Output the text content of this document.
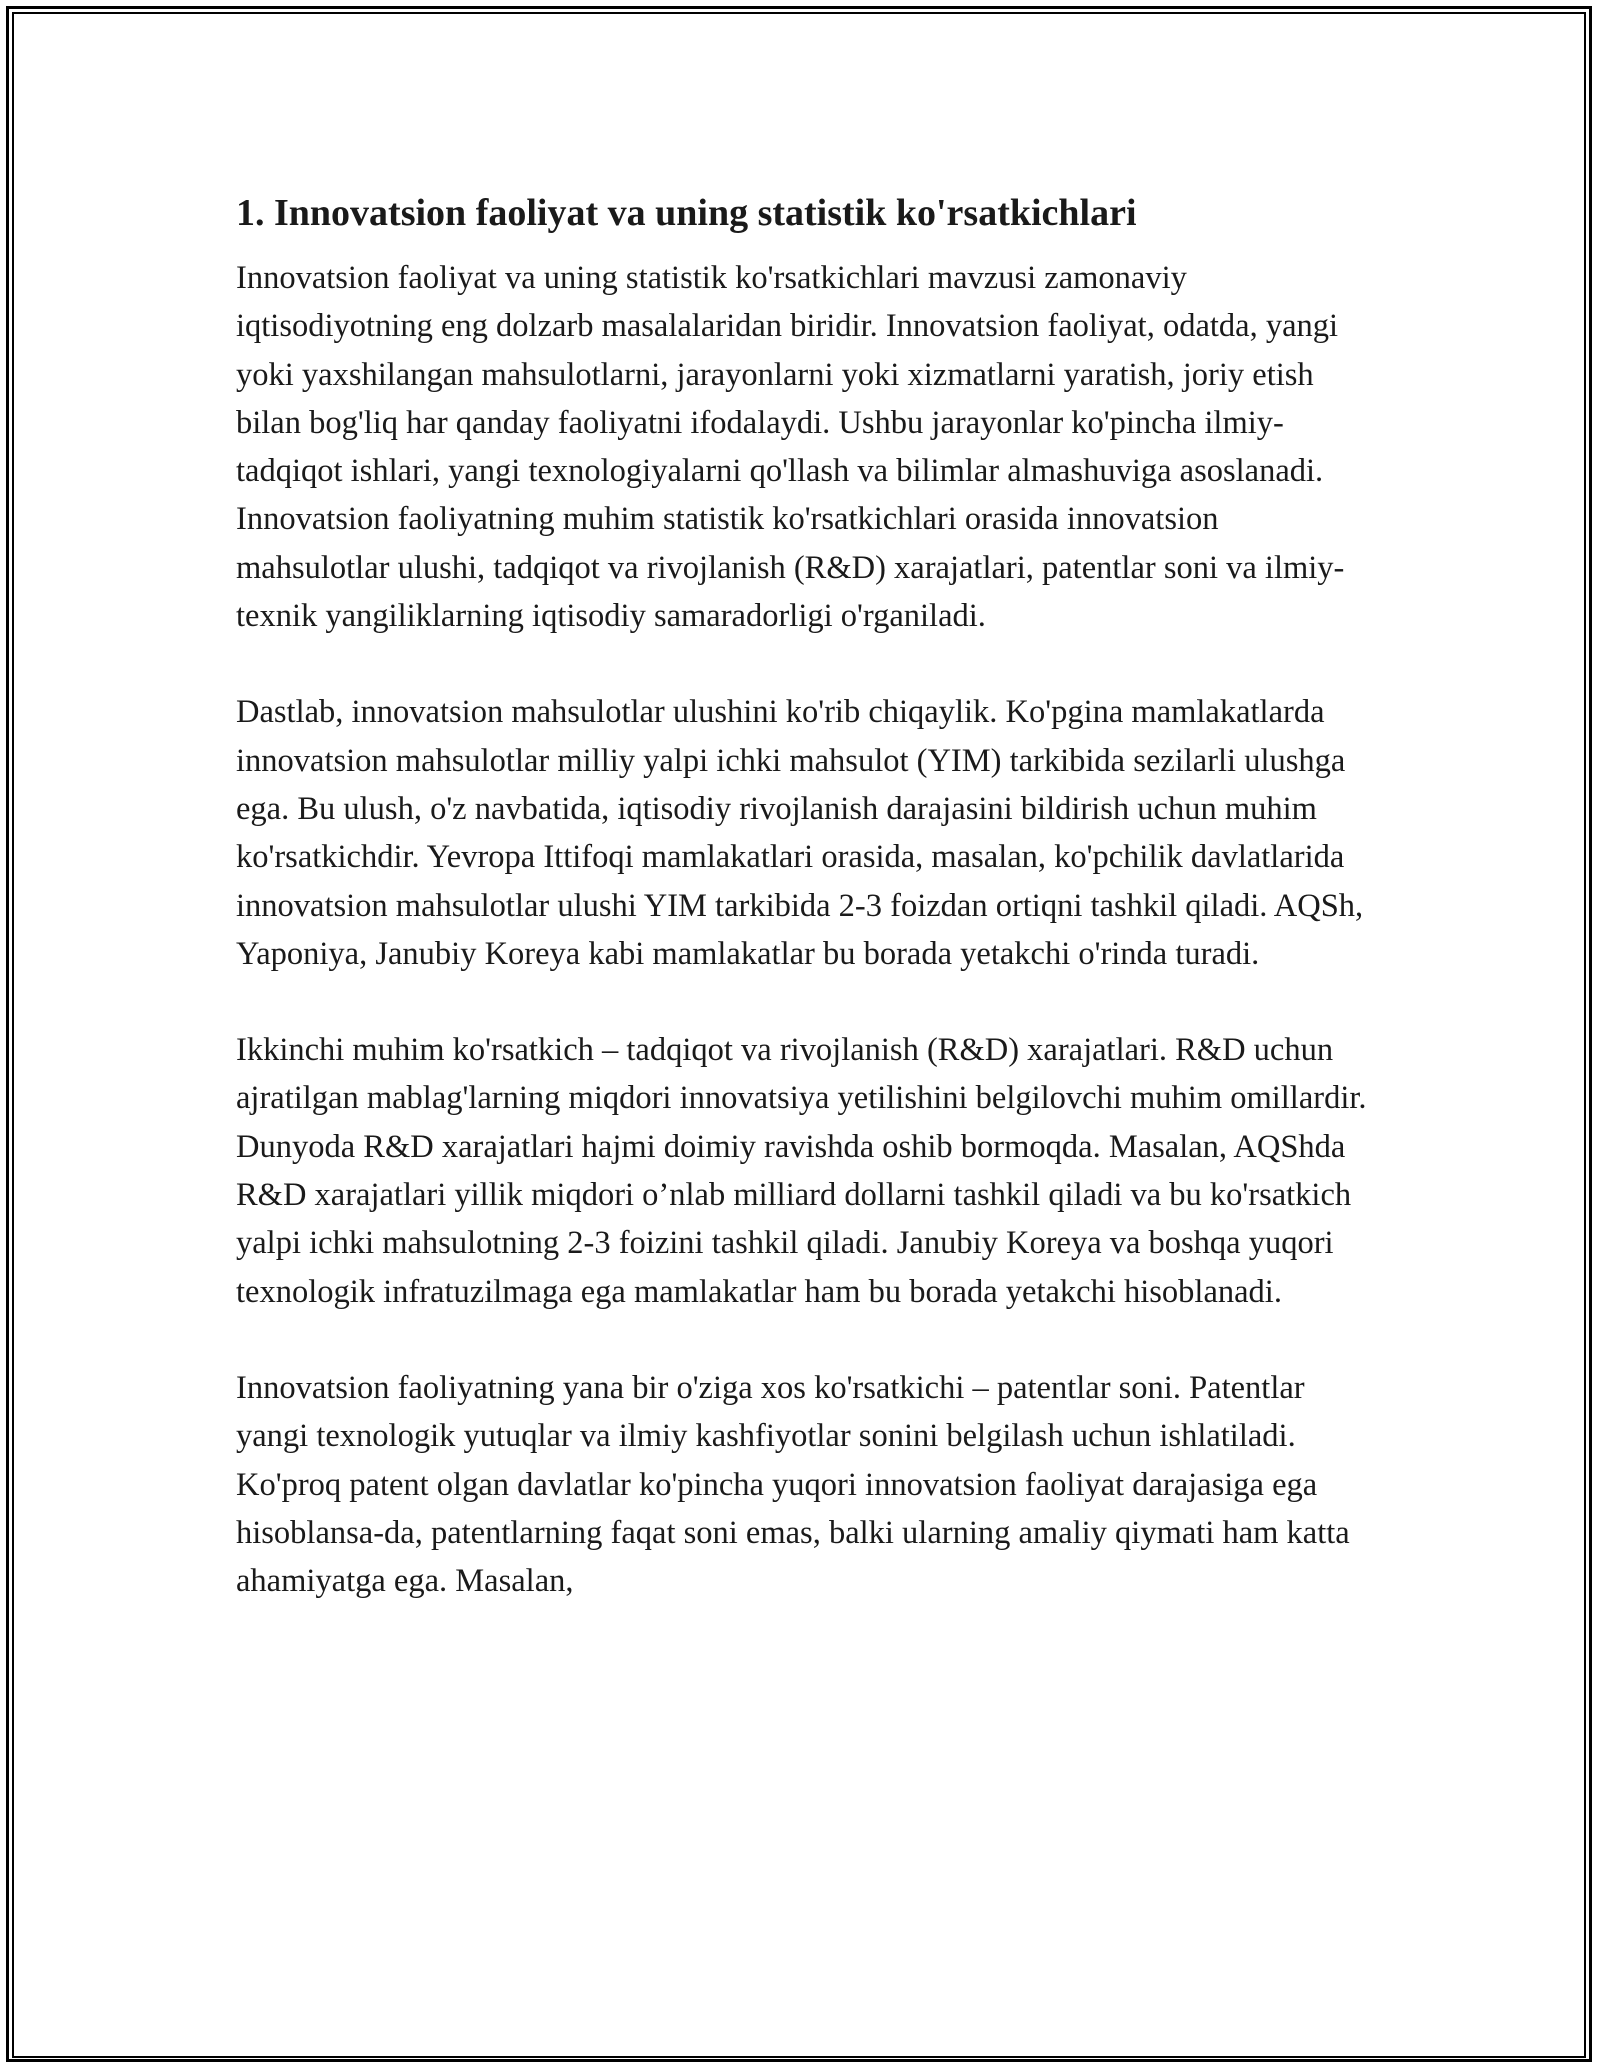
1. Innovatsion faoliyat va uning statistik ko'rsatkichlari

Innovatsion faoliyat va uning statistik ko'rsatkichlari mavzusi zamonaviy iqtisodiyotning eng dolzarb masalalaridan biridir. Innovatsion faoliyat, odatda, yangi yoki yaxshilangan mahsulotlarni, jarayonlarni yoki xizmatlarni yaratish, joriy etish bilan bog'liq har qanday faoliyatni ifodalaydi. Ushbu jarayonlar ko'pincha ilmiy-tadqiqot ishlari, yangi texnologiyalarni qo'llash va bilimlar almashuviga asoslanadi. Innovatsion faoliyatning muhim statistik ko'rsatkichlari orasida innovatsion mahsulotlar ulushi, tadqiqot va rivojlanish (R&D) xarajatlari, patentlar soni va ilmiy-texnik yangiliklarning iqtisodiy samaradorligi o'rganiladi.

Dastlab, innovatsion mahsulotlar ulushini ko'rib chiqaylik. Ko'pgina mamlakatlarda innovatsion mahsulotlar milliy yalpi ichki mahsulot (YIM) tarkibida sezilarli ulushga ega. Bu ulush, o'z navbatida, iqtisodiy rivojlanish darajasini bildirish uchun muhim ko'rsatkichdir. Yevropa Ittifoqi mamlakatlari orasida, masalan, ko'pchilik davlatlarida innovatsion mahsulotlar ulushi YIM tarkibida 2-3 foizdan ortiqni tashkil qiladi. AQSh, Yaponiya, Janubiy Koreya kabi mamlakatlar bu borada yetakchi o'rinda turadi.

Ikkinchi muhim ko'rsatkich – tadqiqot va rivojlanish (R&D) xarajatlari. R&D uchun ajratilgan mablag'larning miqdori innovatsiya yetilishini belgilovchi muhim omillardir. Dunyoda R&D xarajatlari hajmi doimiy ravishda oshib bormoqda. Masalan, AQShda R&D xarajatlari yillik miqdori o’nlab milliard dollarni tashkil qiladi va bu ko'rsatkich yalpi ichki mahsulotning 2-3 foizini tashkil qiladi. Janubiy Koreya va boshqa yuqori texnologik infratuzilmaga ega mamlakatlar ham bu borada yetakchi hisoblanadi.

Innovatsion faoliyatning yana bir o'ziga xos ko'rsatkichi – patentlar soni. Patentlar yangi texnologik yutuqlar va ilmiy kashfiyotlar sonini belgilash uchun ishlatiladi. Ko'proq patent olgan davlatlar ko'pincha yuqori innovatsion faoliyat darajasiga ega hisoblansa-da, patentlarning faqat soni emas, balki ularning amaliy qiymati ham katta ahamiyatga ega. Masalan,
